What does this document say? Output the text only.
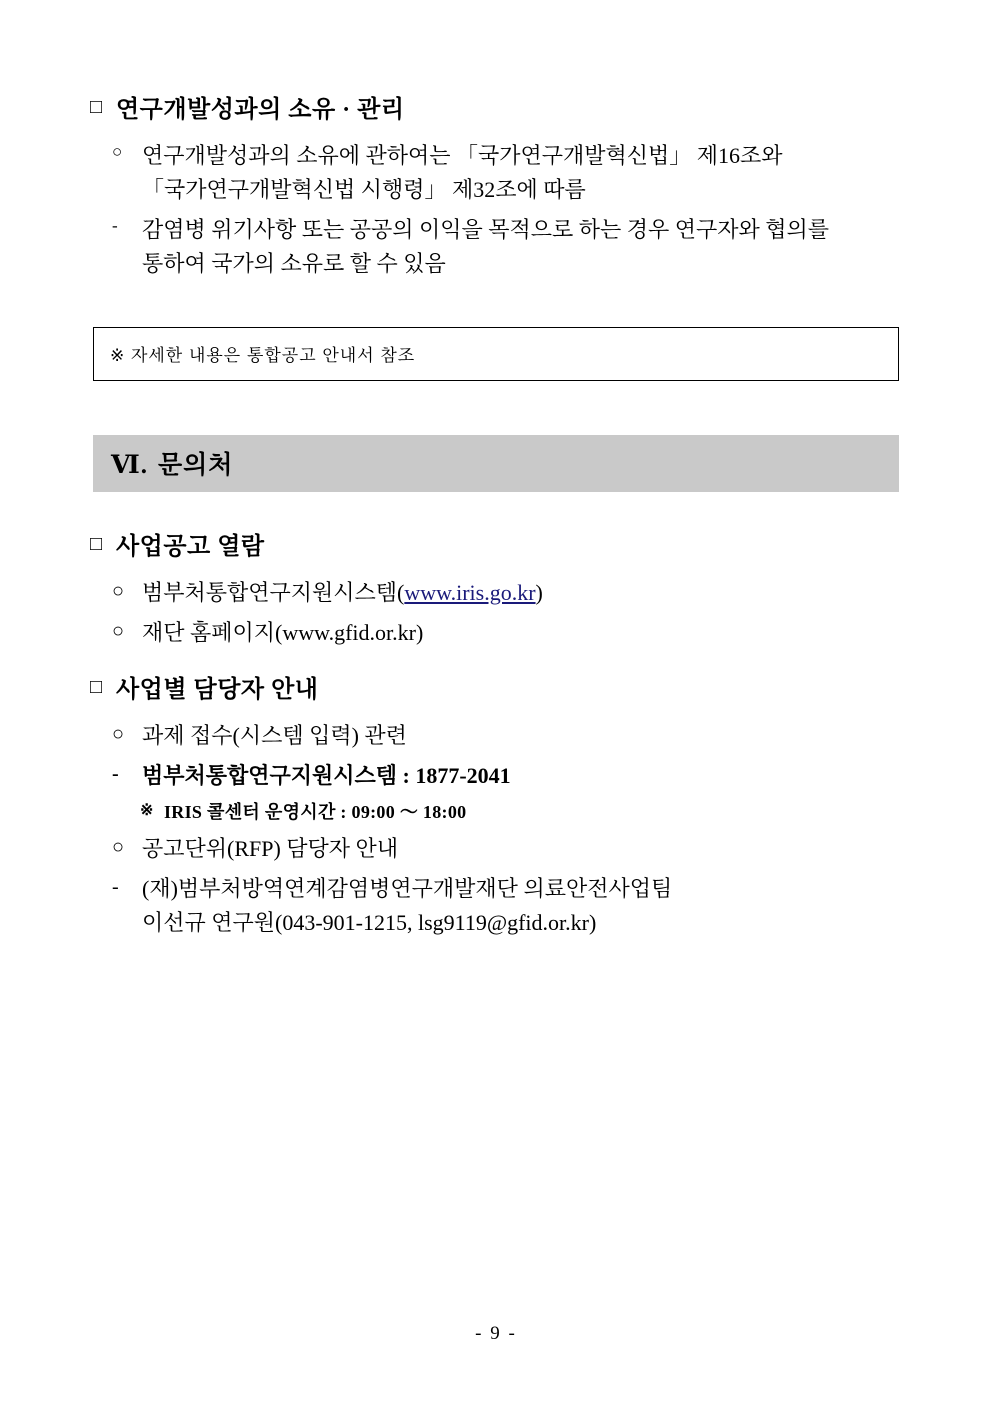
□ 연구개발성과의 소유 · 관리
○ 연구개발성과의 소유에 관하여는 「국가연구개발혁신법」 제16조와
「국가연구개발혁신법 시행령」 제32조에 따름
-	감염병 위기사항 또는 공공의 이익을 목적으로 하는 경우 연구자와 협의를
통하여 국가의 소유로 할 수 있음
※ 자세한 내용은 통합공고 안내서 참조
Ⅵ. 문의처
□ 사업공고 열람
○ 범부처통합연구지원시스템(www.iris.go.kr)
○ 재단 홈페이지(www.gfid.or.kr)
□ 사업별 담당자 안내
○ 과제 접수(시스템 입력) 관련
-	범부처통합연구지원시스템 : 1877-2041
※ IRIS 콜센터 운영시간 : 09:00 ～ 18:00
○ 공고단위(RFP) 담당자 안내
-	(재)범부처방역연계감염병연구개발재단 의료안전사업팀
이선규 연구원(043-901-1215, lsg9119@gfid.or.kr)
- 9 -
